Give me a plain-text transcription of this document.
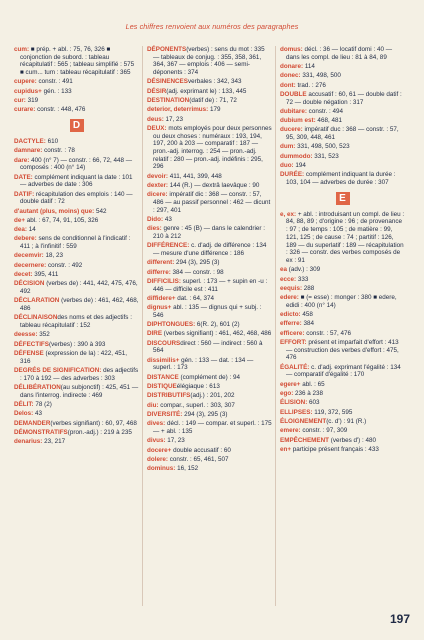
Les chiffres renvoient aux numéros des paragraphes
cum: ■ prép. + abl. : 75, 76, 326 ■ conjonction de subord. : tableau récapitulatif : 565 ; tableau simplifié : 575 ■ cum... tum : tableau récapitulatif : 365
cupere: constr. : 491
cupidus+ gén. : 133
cur: 319
curare: constr. : 448, 476
D
DACTYLE: 610
damnare: constr. : 78
dare: 400 (n° 7) — constr. : 66, 72, 448 — composés : 400 (n° 14)
DATE: complément indiquant la date : 101 — adverbes de date : 306
DATIF: récapitulation des emplois : 140 — double datif : 72
d'autant (plus, moins) que: 542
de+ abl. : 67, 74, 91, 105, 326
dea: 14
debere: sens de conditionnel à l'indicatif : 411 ; à l'infinitif : 559
decemvir: 18, 23
decernere: constr. : 492
decet: 395, 411
DÉCISION (verbes de) : 441, 442, 475, 476, 492
DÉCLARATION (verbes de) : 461, 462, 468, 486
DÉCLINAISONdes noms et des adjectifs : tableau récapitulatif : 152
deesse: 352
DÉFECTIFS(verbes) : 390 à 393
DÉFENSE (expression de la) : 422, 451, 316
DEGRÉS DE SIGNIFICATION: des adjectifs : 170 à 192 — des adverbes : 303
DÉLIBÉRATION(au subjonctif) : 425, 451 — dans l'interrog. indirecte : 469
DÉLIT: 78 (2)
Delos: 43
DEMANDER(verbes signifiant) : 60, 97, 468
DÉMONSTRATIFS(pron.-adj.) : 219 à 235
denarius: 23, 217
DÉPONENTS(verbes) : sens du mot : 335 — tableaux de conjug. : 355, 358, 361, 364, 367 — emplois : 406 — semi-déponents : 374
DÉSINENCESverbales : 342, 343
DÉSIR(adj. exprimant le) : 133, 445
DESTINATION(datif de) : 71, 72
deterior, deterrimus: 179
deus: 17, 23
DEUX: mots employés pour deux personnes ou deux choses : numéraux : 193, 194, 197, 200 à 203 — comparatif : 187 — pron.-adj. interrog. : 254 — pron.-adj. relatif : 280 — pron.-adj. indéfinis : 295, 296
devoir: 411, 441, 399, 448
dexter: 144 (R.) — dextrâ laevâque : 90
dicere: impératif dic : 368 — constr. : 57, 486 — au passif personnel : 462 — dicunt : 297, 401
Dido: 43
dies: genre : 45 (B) — dans le calendrier : 210 à 212
DIFFÉRENCE: c. d'adj. de différence : 134 — mesure d'une différence : 186
different: 294 (3), 295 (3)
differre: 384 — constr. : 98
DIFFICILIS: superl. : 173 — + supin en -u : 446 — difficile est : 411
diffidere+ dat. : 64, 374
dignus+ abl. : 135 — dignus qui + subj. : 546
DIPHTONGUES: 6(R. 2), 601 (2)
DIRE (verbes signifiant) : 461, 462, 468, 486
DISCOURSdirect : 560 — indirect : 560 à 564
dissimilis+ gén. : 133 — dat. : 134 — superl. : 173
DISTANCE (complément de) : 94
DISTIQUEélégiaque : 613
DISTRIBUTIFS(adj.) : 201, 202
diu: compar., superl. : 303, 307
DIVERSITÉ: 294 (3), 295 (3)
dives: décl. : 149 — compar. et superl. : 175 — + abl. : 135
divus: 17, 23
docere+ double accusatif : 60
dolere: constr. : 65, 461, 507
dominus: 16, 152
domus: décl. : 36 — locatif domi : 40 — dans les compl. de lieu : 81 à 84, 89
donare: 114
donec: 331, 498, 500
dont: trad. : 276
DOUBLE accusatif : 60, 61 — double datif : 72 — double négation : 317
dubitare: constr. : 494
dubium est: 468, 481
ducere: impératif duc : 368 — constr. : 57, 95, 309, 448, 461
dum: 331, 498, 500, 523
dummodo: 331, 523
duo: 194
DURÉE: complément indiquant la durée : 103, 104 — adverbes de durée : 307
E
e, ex: + abl. : introduisant un compl. de lieu : 84, 88, 89 ; d'origine : 96 ; de provenance : 97 ; de temps : 105 ; de matière : 99, 121, 125 ; de cause : 74 ; partitif : 126, 189 — du superlatif : 189 — récapitulation : 326 — constr. des verbes composés de ex : 91
ea (adv.) : 309
ecce: 333
eequis: 288
edere: ■ (= esse) : monger : 380 ■ edere, edidi : 400 (n° 14)
edicto: 458
efferre: 384
efficere: constr. : 57, 476
EFFORT: présent et imparfait d'effort : 413 — construction des verbes d'effort : 475, 476
ÉGALITÉ: c. d'adj. exprimant l'égalité : 134 — comparatif d'égalité : 170
egere+ abl. : 65
ego: 236 à 238
ÉLISION: 603
ELLIPSES: 119, 372, 595
ÉLOIGNEMENT(c. d') : 91 (R.)
emere: constr. : 97, 309
EMPÊCHEMENT (verbes d') : 480
en+ participe présent français : 433
197
